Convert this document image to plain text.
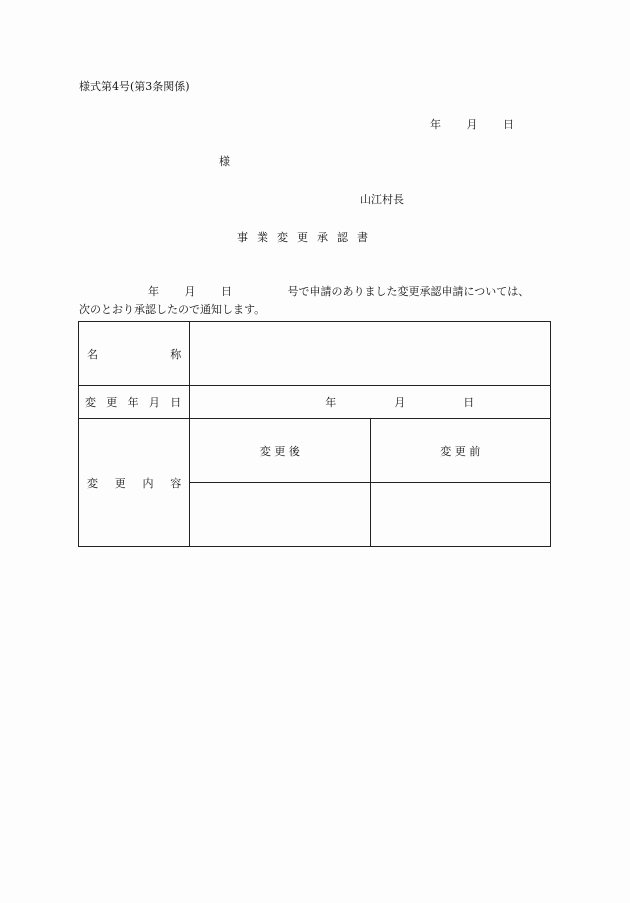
様式第4号(第3条関係)
年 月 日
様
山江村長
事 業 変 更 承 認 書
年 月 日	号で申請のありました変更承認申請については、
次のとおり承認したので通知します。
名 称		

変 更 年 月 日	年 月 日	

変 更 内 容	変 更 後	変 更 前
